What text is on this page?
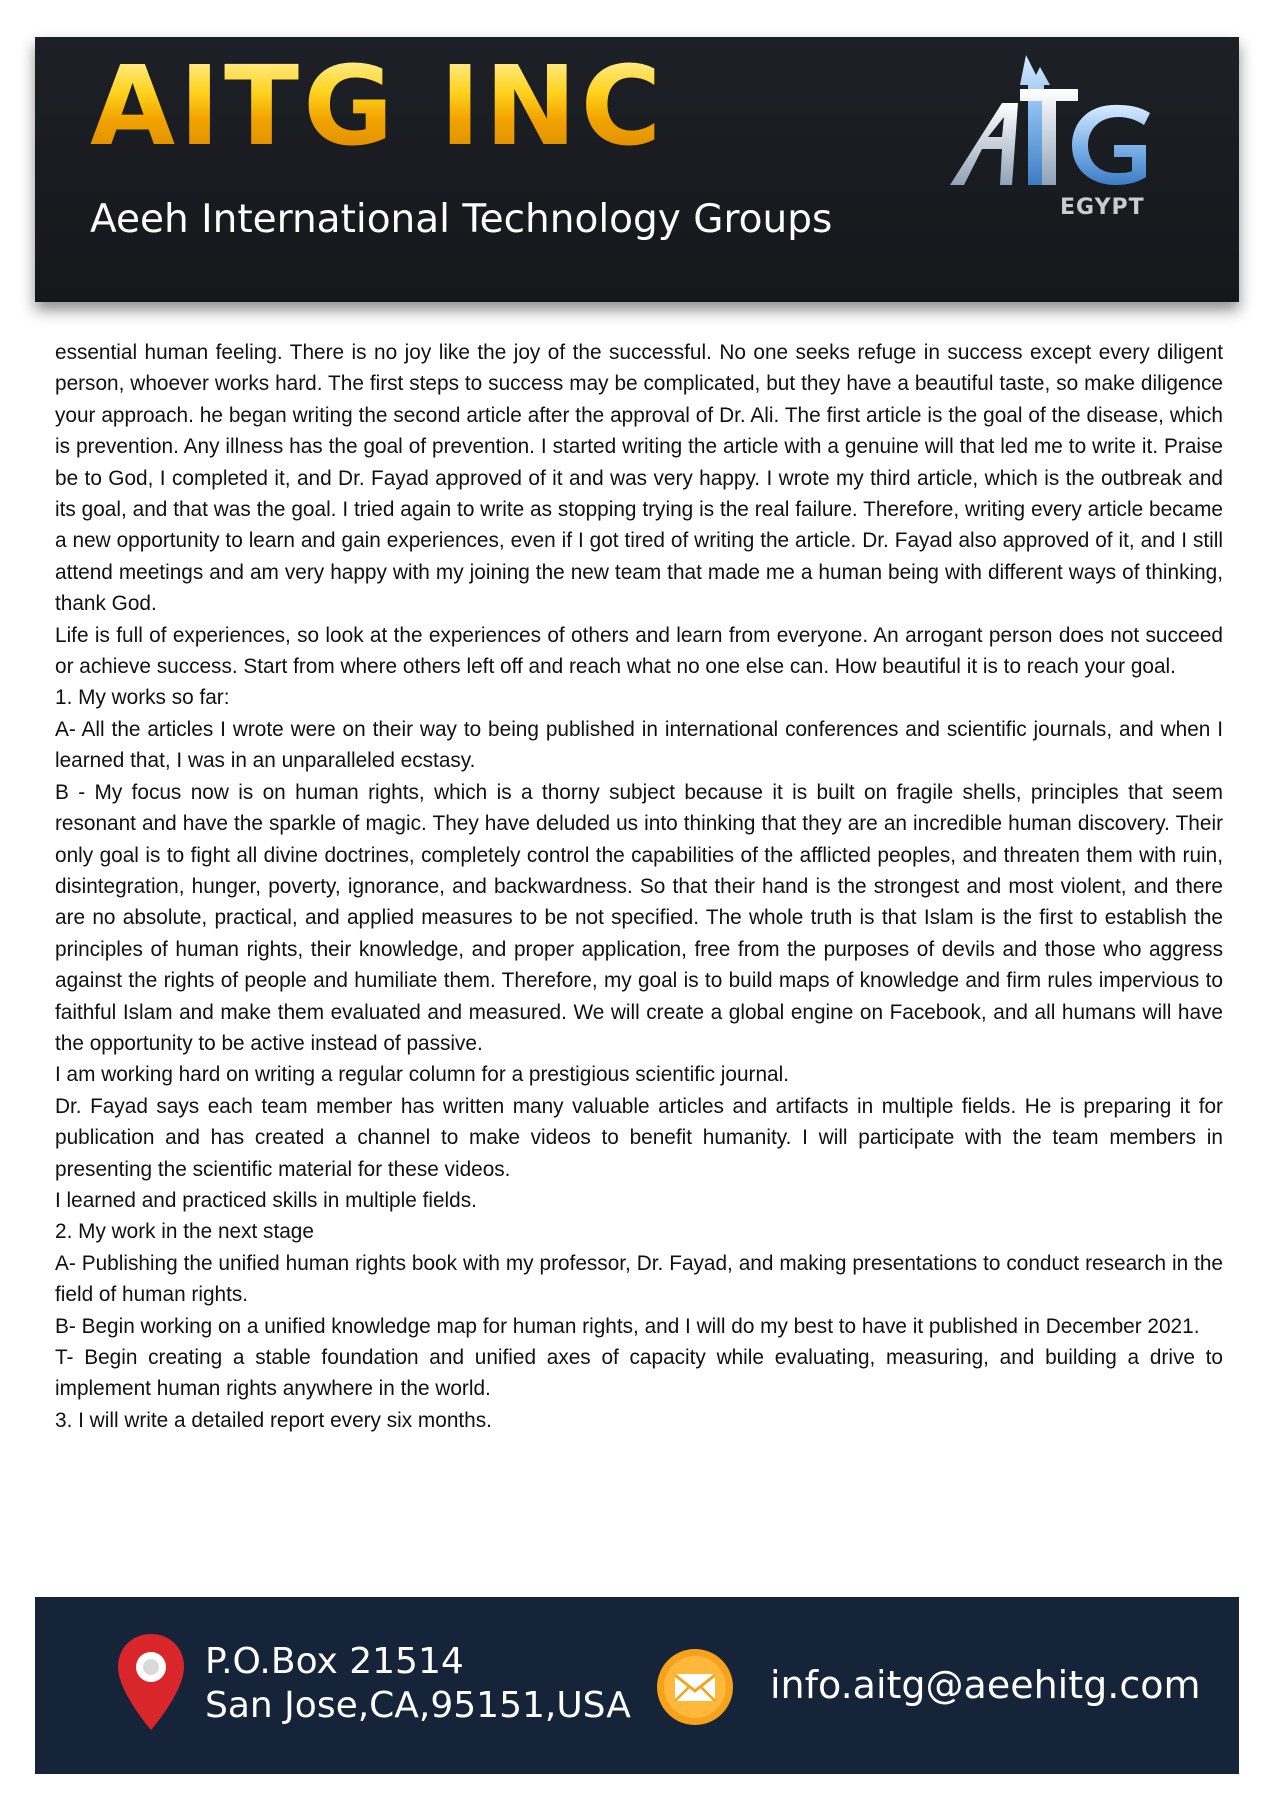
AITG INC
Aeeh International Technology Groups	EGYPT

essential human feeling. There is no joy like the joy of the successful. No one seeks refuge in success except every diligent person, whoever works hard. The first steps to success may be complicated, but they have a beautiful taste, so make diligence your approach. he began writing the second article after the approval of Dr. Ali. The first article is the goal of the disease, which is prevention. Any illness has the goal of prevention. I started writing the article with a genuine will that led me to write it. Praise be to God, I completed it, and Dr. Fayad approved of it and was very happy. I wrote my third article, which is the outbreak and its goal, and that was the goal. I tried again to write as stopping trying is the real failure. Therefore, writing every article became a new opportunity to learn and gain experiences, even if I got tired of writing the article. Dr. Fayad also approved of it, and I still attend meetings and am very happy with my joining the new team that made me a human being with different ways of thinking, thank God.

Life is full of experiences, so look at the experiences of others and learn from everyone. An arrogant person does not succeed or achieve success. Start from where others left off and reach what no one else can. How beautiful it is to reach your goal.

1. My works so far:

A- All the articles I wrote were on their way to being published in international conferences and scientific journals, and when I learned that, I was in an unparalleled ecstasy.

B - My focus now is on human rights, which is a thorny subject because it is built on fragile shells, principles that seem resonant and have the sparkle of magic. They have deluded us into thinking that they are an incredible human discovery. Their only goal is to fight all divine doctrines, completely control the capabilities of the afflicted peoples, and threaten them with ruin, disintegration, hunger, poverty, ignorance, and backwardness. So that their hand is the strongest and most violent, and there are no absolute, practical, and applied measures to be not specified. The whole truth is that Islam is the first to establish the principles of human rights, their knowledge, and proper application, free from the purposes of devils and those who aggress against the rights of people and humiliate them. Therefore, my goal is to build maps of knowledge and firm rules impervious to faithful Islam and make them evaluated and measured. We will create a global engine on Facebook, and all humans will have the opportunity to be active instead of passive.

I am working hard on writing a regular column for a prestigious scientific journal.

Dr. Fayad says each team member has written many valuable articles and artifacts in multiple fields. He is preparing it for publication and has created a channel to make videos to benefit humanity. I will participate with the team members in presenting the scientific material for these videos.

I learned and practiced skills in multiple fields.

2. My work in the next stage

A- Publishing the unified human rights book with my professor, Dr. Fayad, and making presentations to conduct research in the field of human rights.

B- Begin working on a unified knowledge map for human rights, and I will do my best to have it published in December 2021.

T- Begin creating a stable foundation and unified axes of capacity while evaluating, measuring, and building a drive to implement human rights anywhere in the world.

3. I will write a detailed report every six months.

P.O.Box 21514
San Jose,CA,95151,USA	info.aitg@aeehitg.com
